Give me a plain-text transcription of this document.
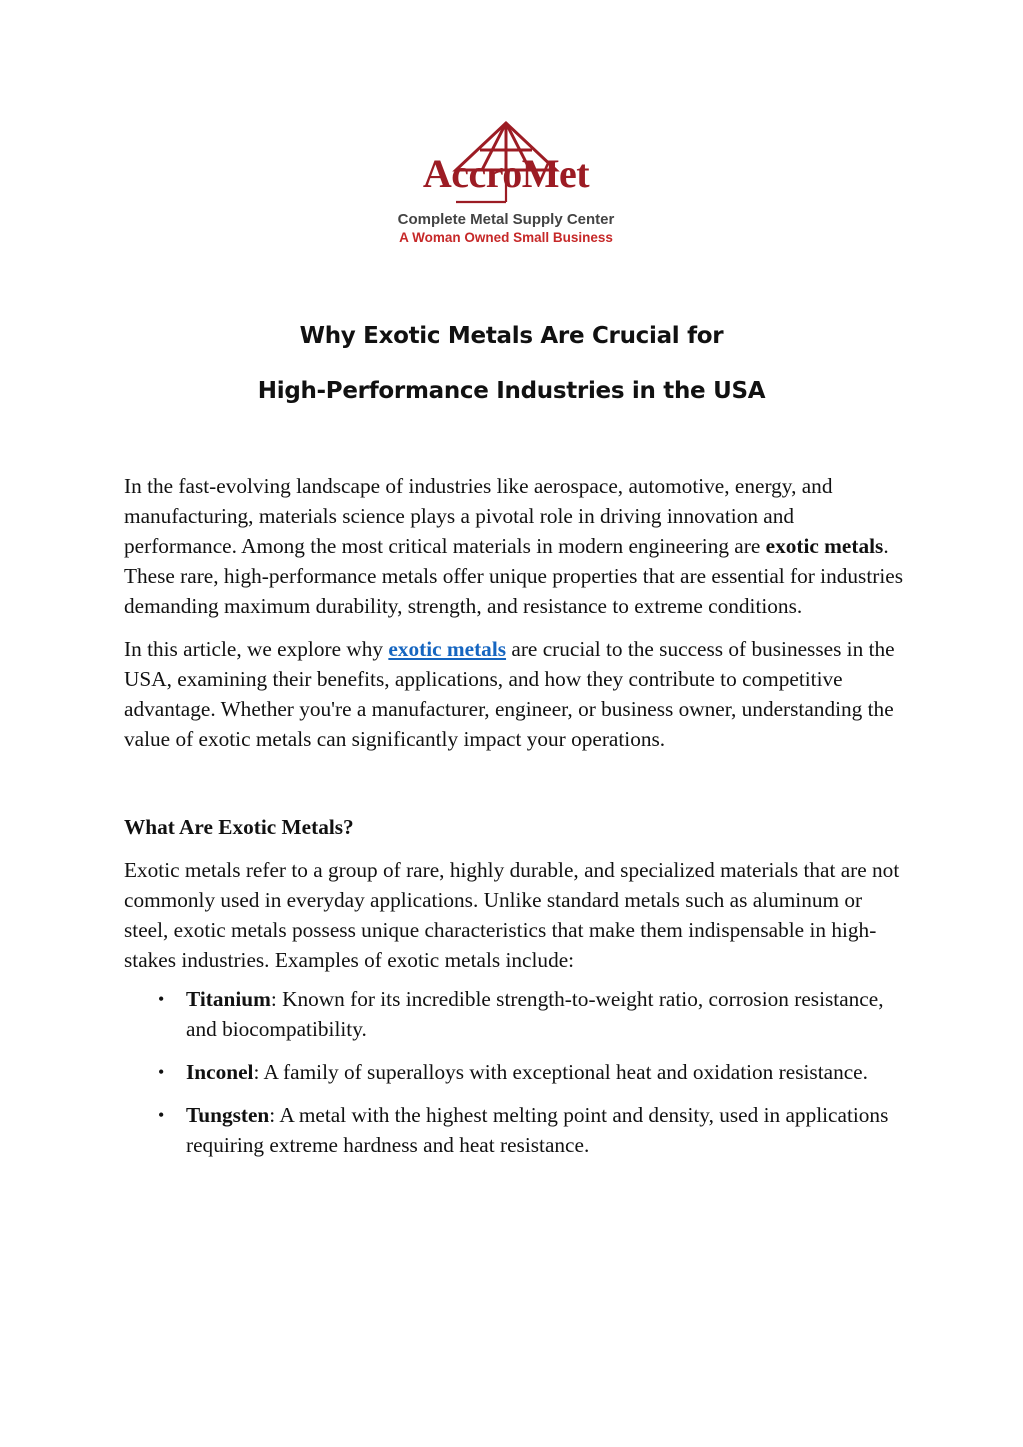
AccroMet
Complete Metal Supply Center
A Woman Owned Small Business
Why Exotic Metals Are Crucial for
High-Performance Industries in the USA

In the fast-evolving landscape of industries like aerospace, automotive, energy, and manufacturing, materials science plays a pivotal role in driving innovation and performance. Among the most critical materials in modern engineering are exotic metals. These rare, high-performance metals offer unique properties that are essential for industries demanding maximum durability, strength, and resistance to extreme conditions.

In this article, we explore why exotic metals are crucial to the success of businesses in the USA, examining their benefits, applications, and how they contribute to competitive advantage. Whether you're a manufacturer, engineer, or business owner, understanding the value of exotic metals can significantly impact your operations.

What Are Exotic Metals?

Exotic metals refer to a group of rare, highly durable, and specialized materials that are not commonly used in everyday applications. Unlike standard metals such as aluminum or steel, exotic metals possess unique characteristics that make them indispensable in high-stakes industries. Examples of exotic metals include:

• Titanium: Known for its incredible strength-to-weight ratio, corrosion resistance, and biocompatibility.
• Inconel: A family of superalloys with exceptional heat and oxidation resistance.
• Tungsten: A metal with the highest melting point and density, used in applications requiring extreme hardness and heat resistance.
